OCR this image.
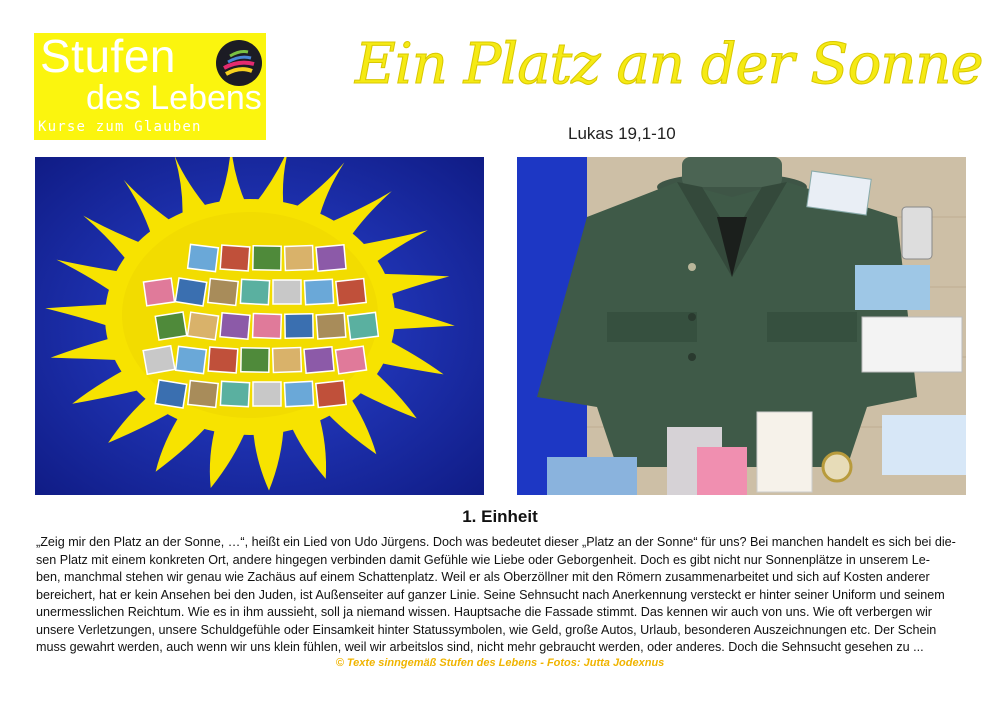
Stufen
des Lebens
Kurse zum Glauben
Ein Platz an der Sonne
Lukas 19,1-10
1. Einheit
„Zeig mir den Platz an der Sonne, …“, heißt ein Lied von Udo Jürgens. Doch was bedeutet dieser „Platz an der Sonne“ für uns? Bei manchen handelt es sich bei die-
sen Platz mit einem konkreten Ort, andere hingegen verbinden damit Gefühle wie Liebe oder Geborgenheit. Doch es gibt nicht nur Sonnenplätze in unserem Le-
ben, manchmal stehen wir genau wie Zachäus auf einem Schattenplatz. Weil er als Oberzöllner mit den Römern zusammenarbeitet und sich auf Kosten anderer
bereichert, hat er kein Ansehen bei den Juden, ist Außenseiter auf ganzer Linie. Seine Sehnsucht nach Anerkennung versteckt er hinter seiner Uniform und seinem
unermesslichen Reichtum. Wie es in ihm aussieht, soll ja niemand wissen. Hauptsache die Fassade stimmt. Das kennen wir auch von uns. Wie oft verbergen wir
unsere Verletzungen, unsere Schuldgefühle oder Einsamkeit hinter Statussymbolen, wie Geld, große Autos, Urlaub, besonderen Auszeichnungen etc. Der Schein
muss gewahrt werden, auch wenn wir uns klein fühlen, weil wir arbeitslos sind, nicht mehr gebraucht werden, oder anderes. Doch die Sehnsucht gesehen zu ...
© Texte sinngemäß Stufen des Lebens - Fotos: Jutta Jodexnus
